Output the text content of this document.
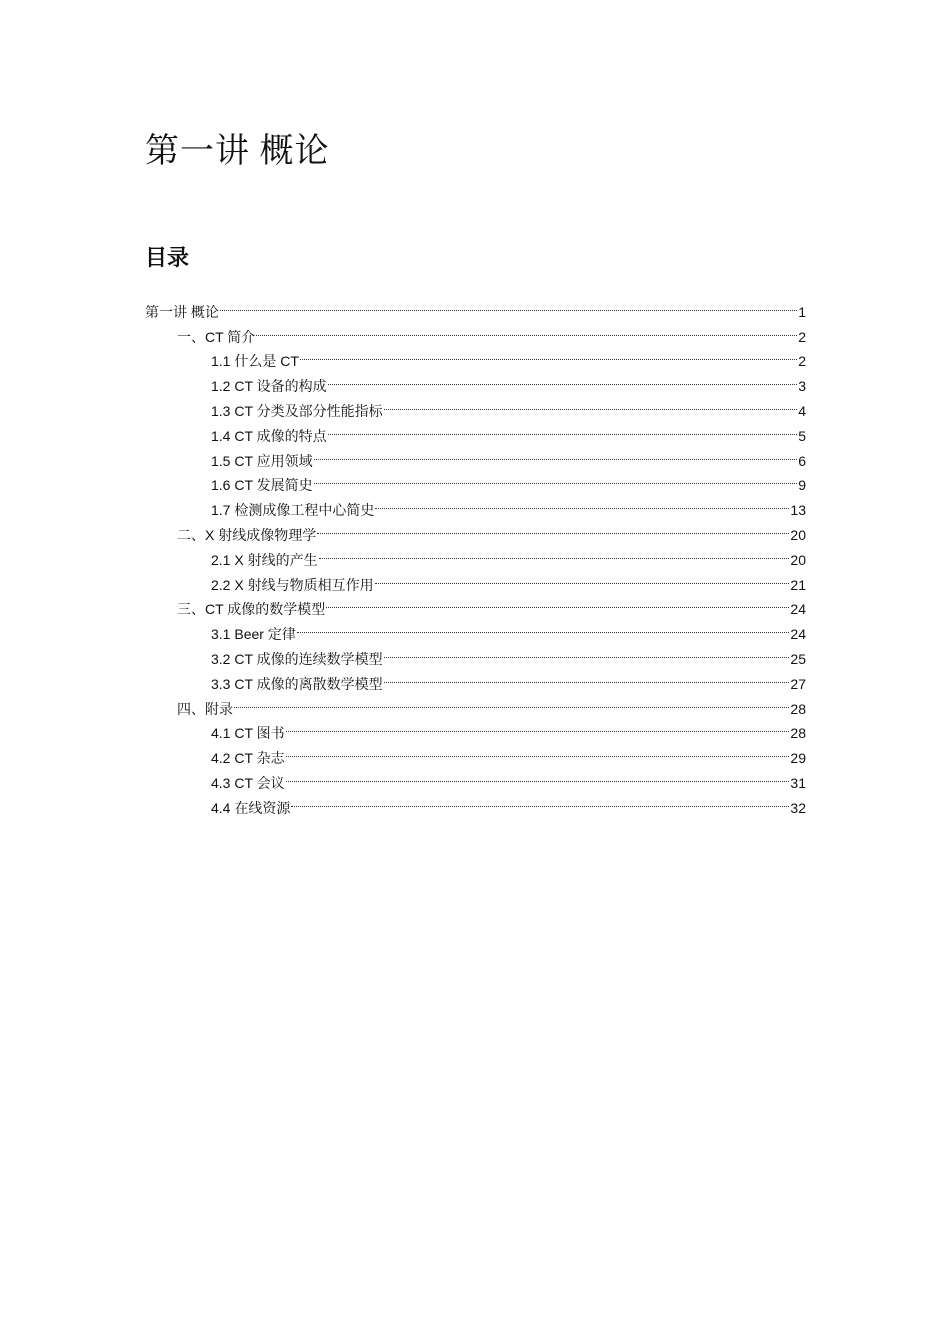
第一讲 概论
目录
第一讲 概论	1
一、CT 简介	2
1.1 什么是 CT	2
1.2 CT 设备的构成	3
1.3 CT 分类及部分性能指标	4
1.4 CT 成像的特点	5
1.5 CT 应用领域	6
1.6 CT 发展简史	9
1.7 检测成像工程中心简史	13
二、X 射线成像物理学	20
2.1 X 射线的产生	20
2.2 X 射线与物质相互作用	21
三、CT 成像的数学模型	24
3.1 Beer 定律	24
3.2 CT 成像的连续数学模型	25
3.3 CT 成像的离散数学模型	27
四、附录	28
4.1 CT 图书	28
4.2 CT 杂志	29
4.3 CT 会议	31
4.4 在线资源	32
